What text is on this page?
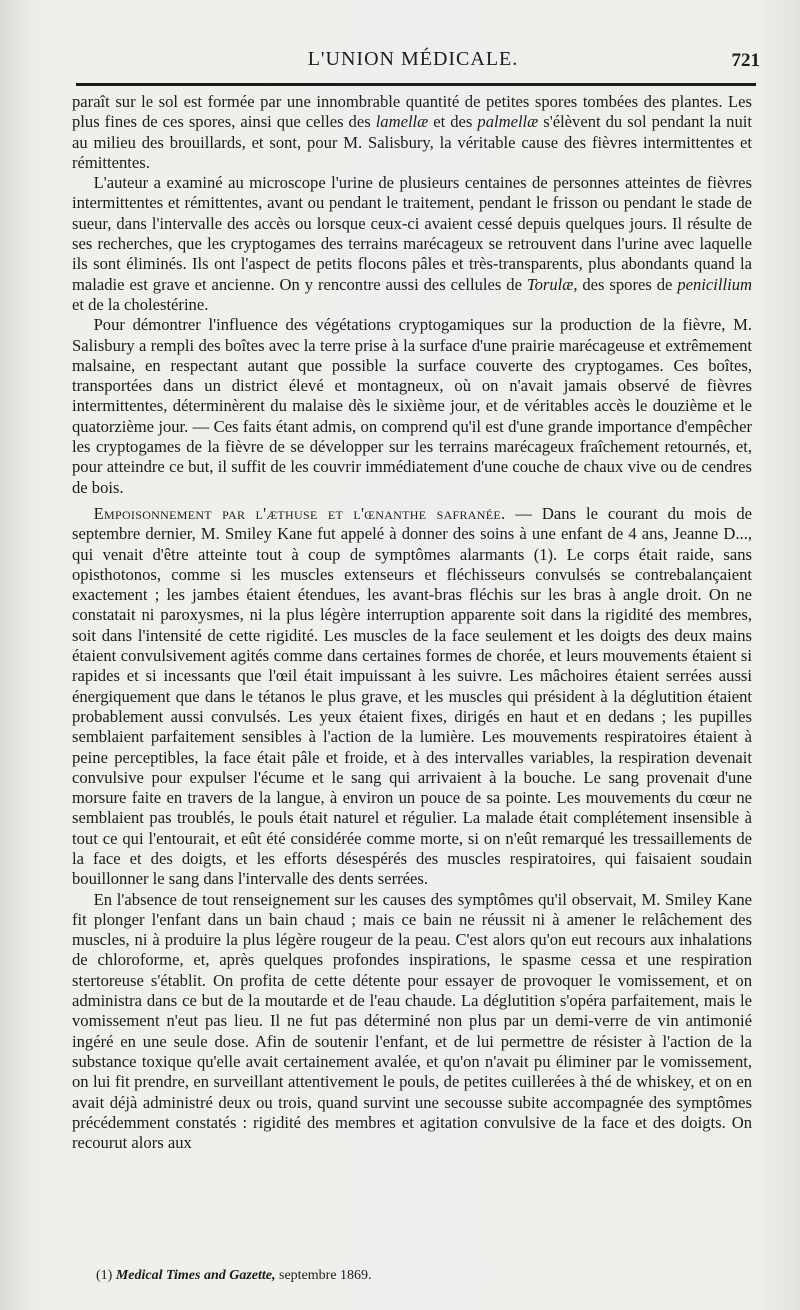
L'UNION MÉDICALE.	721

paraît sur le sol est formée par une innombrable quantité de petites spores tombées des plantes. Les plus fines de ces spores, ainsi que celles des lamellæ et des palmellæ s'élèvent du sol pendant la nuit au milieu des brouillards, et sont, pour M. Salisbury, la véritable cause des fièvres intermittentes et rémittentes.

L'auteur a examiné au microscope l'urine de plusieurs centaines de personnes atteintes de fièvres intermittentes et rémittentes, avant ou pendant le traitement, pendant le frisson ou pendant le stade de sueur, dans l'intervalle des accès ou lorsque ceux-ci avaient cessé depuis quelques jours. Il résulte de ses recherches, que les cryptogames des terrains marécageux se retrouvent dans l'urine avec laquelle ils sont éliminés. Ils ont l'aspect de petits flocons pâles et très-transparents, plus abondants quand la maladie est grave et ancienne. On y rencontre aussi des cellules de Torulæ, des spores de penicillium et de la cholestérine.

Pour démontrer l'influence des végétations cryptogamiques sur la production de la fièvre, M. Salisbury a rempli des boîtes avec la terre prise à la surface d'une prairie marécageuse et extrêmement malsaine, en respectant autant que possible la surface couverte des cryptogames. Ces boîtes, transportées dans un district élevé et montagneux, où on n'avait jamais observé de fièvres intermittentes, déterminèrent du malaise dès le sixième jour, et de véritables accès le douzième et le quatorzième jour. — Ces faits étant admis, on comprend qu'il est d'une grande importance d'empêcher les cryptogames de la fièvre de se développer sur les terrains marécageux fraîchement retournés, et, pour atteindre ce but, il suffit de les couvrir immédiatement d'une couche de chaux vive ou de cendres de bois.

Empoisonnement par l'æthuse et l'œnanthe safranée. — Dans le courant du mois de septembre dernier, M. Smiley Kane fut appelé à donner des soins à une enfant de 4 ans, Jeanne D..., qui venait d'être atteinte tout à coup de symptômes alarmants (1). Le corps était raide, sans opisthotonos, comme si les muscles extenseurs et fléchisseurs convulsés se contrebalançaient exactement ; les jambes étaient étendues, les avant-bras fléchis sur les bras à angle droit. On ne constatait ni paroxysmes, ni la plus légère interruption apparente soit dans la rigidité des membres, soit dans l'intensité de cette rigidité. Les muscles de la face seulement et les doigts des deux mains étaient convulsivement agités comme dans certaines formes de chorée, et leurs mouvements étaient si rapides et si incessants que l'œil était impuissant à les suivre. Les mâchoires étaient serrées aussi énergiquement que dans le tétanos le plus grave, et les muscles qui président à la déglutition étaient probablement aussi convulsés. Les yeux étaient fixes, dirigés en haut et en dedans ; les pupilles semblaient parfaitement sensibles à l'action de la lumière. Les mouvements respiratoires étaient à peine perceptibles, la face était pâle et froide, et à des intervalles variables, la respiration devenait convulsive pour expulser l'écume et le sang qui arrivaient à la bouche. Le sang provenait d'une morsure faite en travers de la langue, à environ un pouce de sa pointe. Les mouvements du cœur ne semblaient pas troublés, le pouls était naturel et régulier. La malade était complétement insensible à tout ce qui l'entourait, et eût été considérée comme morte, si on n'eût remarqué les tressaillements de la face et des doigts, et les efforts désespérés des muscles respiratoires, qui faisaient soudain bouillonner le sang dans l'intervalle des dents serrées.

En l'absence de tout renseignement sur les causes des symptômes qu'il observait, M. Smiley Kane fit plonger l'enfant dans un bain chaud ; mais ce bain ne réussit ni à amener le relâchement des muscles, ni à produire la plus légère rougeur de la peau. C'est alors qu'on eut recours aux inhalations de chloroforme, et, après quelques profondes inspirations, le spasme cessa et une respiration stertoreuse s'établit. On profita de cette détente pour essayer de provoquer le vomissement, et on administra dans ce but de la moutarde et de l'eau chaude. La déglutition s'opéra parfaitement, mais le vomissement n'eut pas lieu. Il ne fut pas déterminé non plus par un demi-verre de vin antimonié ingéré en une seule dose. Afin de soutenir l'enfant, et de lui permettre de résister à l'action de la substance toxique qu'elle avait certainement avalée, et qu'on n'avait pu éliminer par le vomissement, on lui fit prendre, en surveillant attentivement le pouls, de petites cuillerées à thé de whiskey, et on en avait déjà administré deux ou trois, quand survint une secousse subite accompagnée des symptômes précédemment constatés : rigidité des membres et agitation convulsive de la face et des doigts. On recourut alors aux

(1) Medical Times and Gazette, septembre 1869.
